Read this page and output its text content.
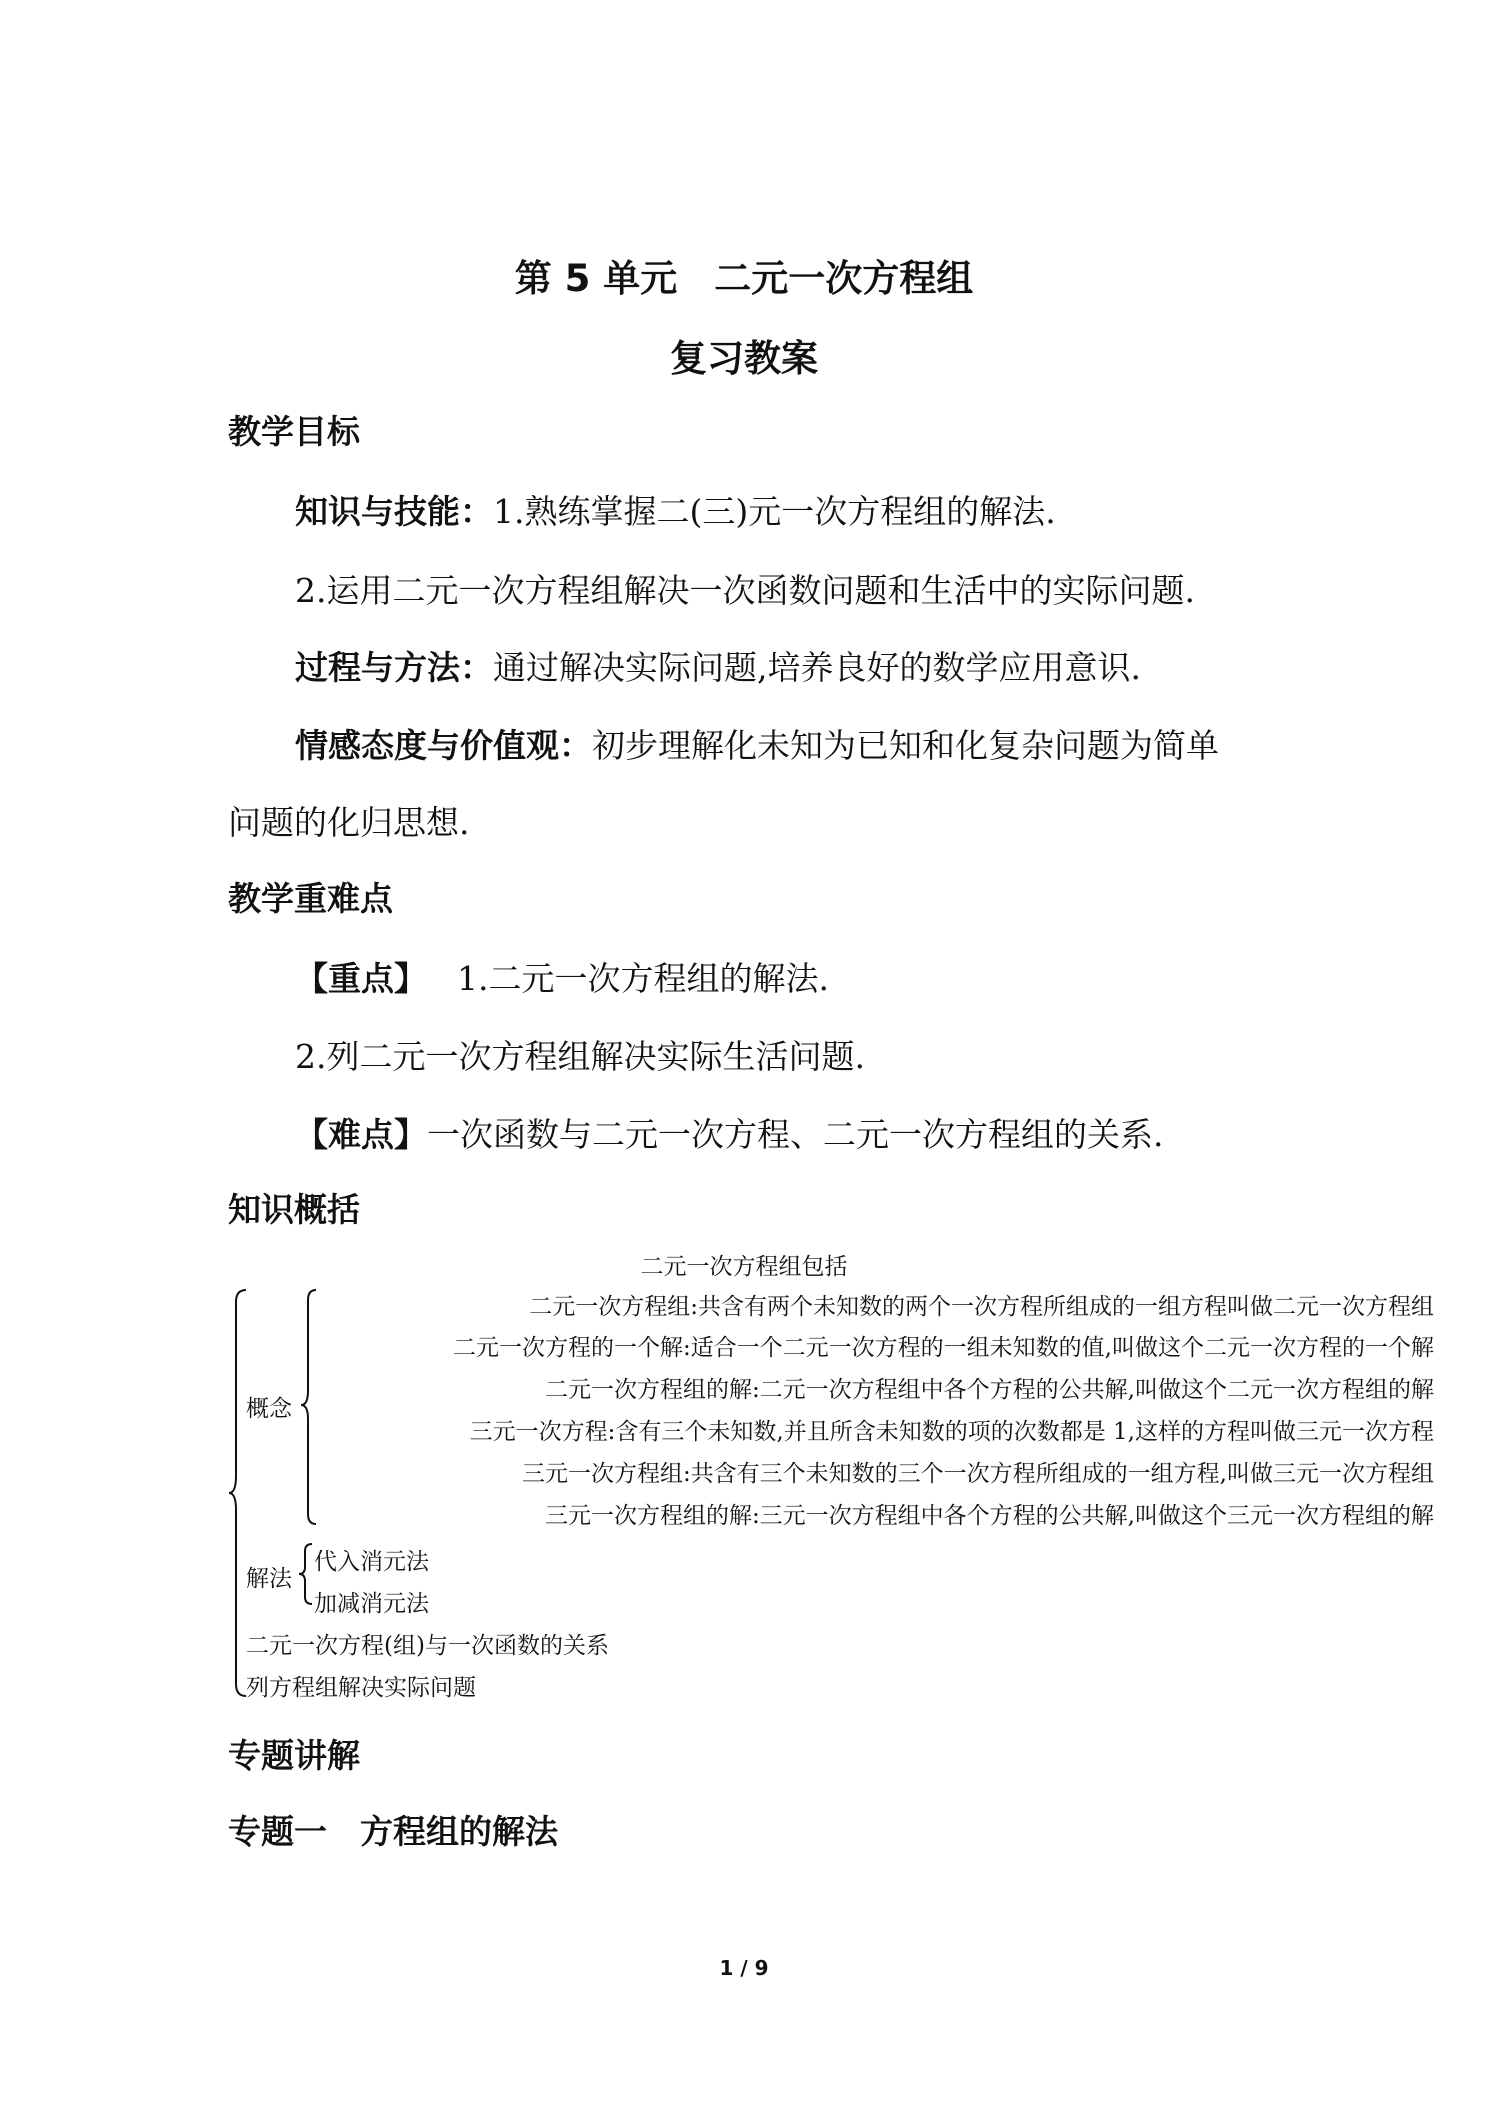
第 5 单元　二元一次方程组
复习教案
教学目标
知识与技能：1.熟练掌握二(三)元一次方程组的解法.
2.运用二元一次方程组解决一次函数问题和生活中的实际问题.
过程与方法：通过解决实际问题,培养良好的数学应用意识.
情感态度与价值观：初步理解化未知为已知和化复杂问题为简单
问题的化归思想.
教学重难点
【重点】 1.二元一次方程组的解法.
2.列二元一次方程组解决实际生活问题.
【难点】一次函数与二元一次方程、二元一次方程组的关系.
知识概括
二元一次方程组包括
概念
二元一次方程组:共含有两个未知数的两个一次方程所组成的一组方程叫做二元一次方程组
二元一次方程的一个解:适合一个二元一次方程的一组未知数的值,叫做这个二元一次方程的一个解
二元一次方程组的解:二元一次方程组中各个方程的公共解,叫做这个二元一次方程组的解
三元一次方程:含有三个未知数,并且所含未知数的项的次数都是 1,这样的方程叫做三元一次方程
三元一次方程组:共含有三个未知数的三个一次方程所组成的一组方程,叫做三元一次方程组
三元一次方程组的解:三元一次方程组中各个方程的公共解,叫做这个三元一次方程组的解
解法
代入消元法
加减消元法
二元一次方程(组)与一次函数的关系
列方程组解决实际问题
专题讲解
专题一　方程组的解法
1 / 9
